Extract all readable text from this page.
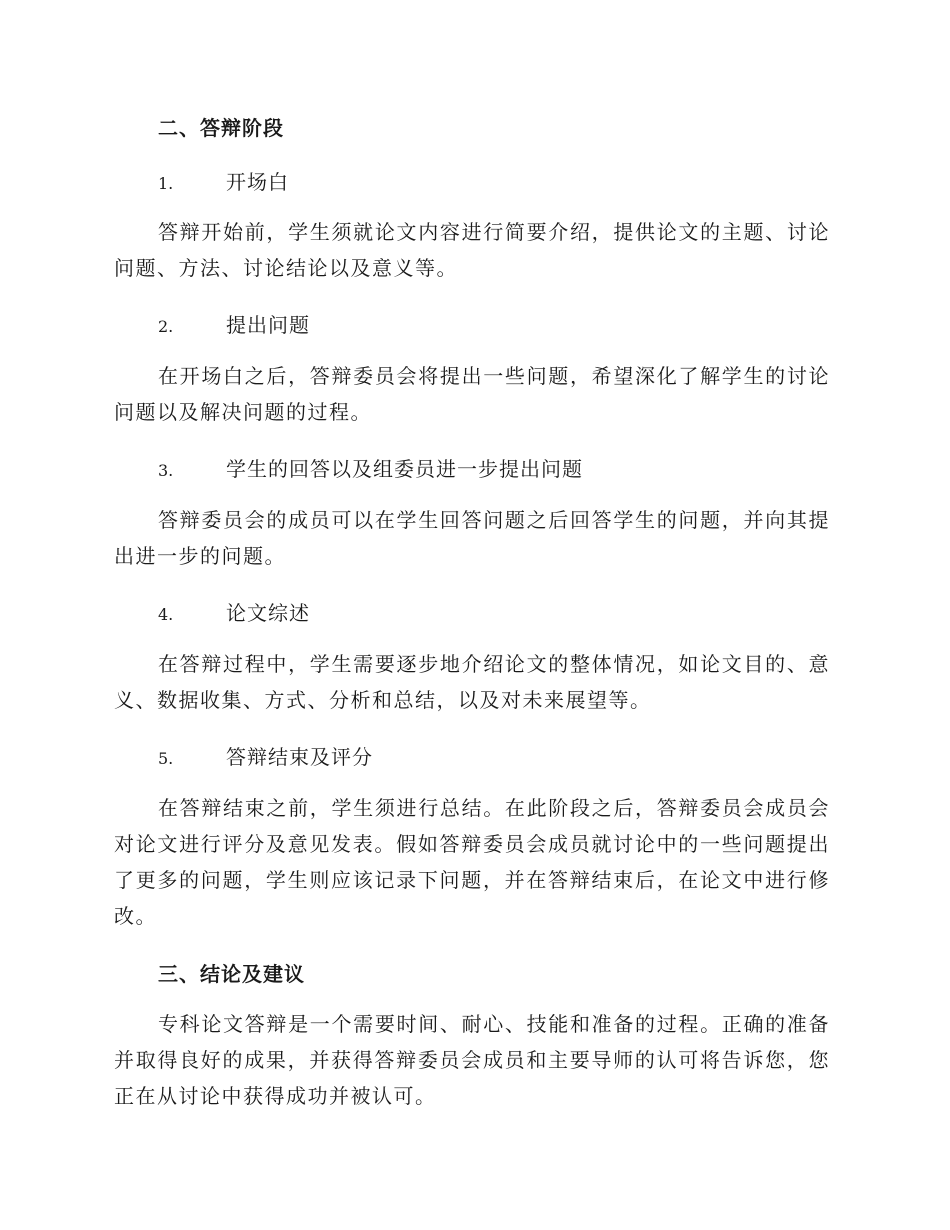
二、答辩阶段
1.	开场白

答辩开始前，学生须就论文内容进行简要介绍，提供论文的主题、讨论问题、方法、讨论结论以及意义等。

2.	提出问题

在开场白之后，答辩委员会将提出一些问题，希望深化了解学生的讨论问题以及解决问题的过程。

3.	学生的回答以及组委员进一步提出问题

答辩委员会的成员可以在学生回答问题之后回答学生的问题，并向其提出进一步的问题。

4.	论文综述

在答辩过程中，学生需要逐步地介绍论文的整体情况，如论文目的、意义、数据收集、方式、分析和总结，以及对未来展望等。

5.	答辩结束及评分

在答辩结束之前，学生须进行总结。在此阶段之后，答辩委员会成员会对论文进行评分及意见发表。假如答辩委员会成员就讨论中的一些问题提出了更多的问题，学生则应该记录下问题，并在答辩结束后，在论文中进行修改。

三、结论及建议

专科论文答辩是一个需要时间、耐心、技能和准备的过程。正确的准备并取得良好的成果，并获得答辩委员会成员和主要导师的认可将告诉您，您正在从讨论中获得成功并被认可。
